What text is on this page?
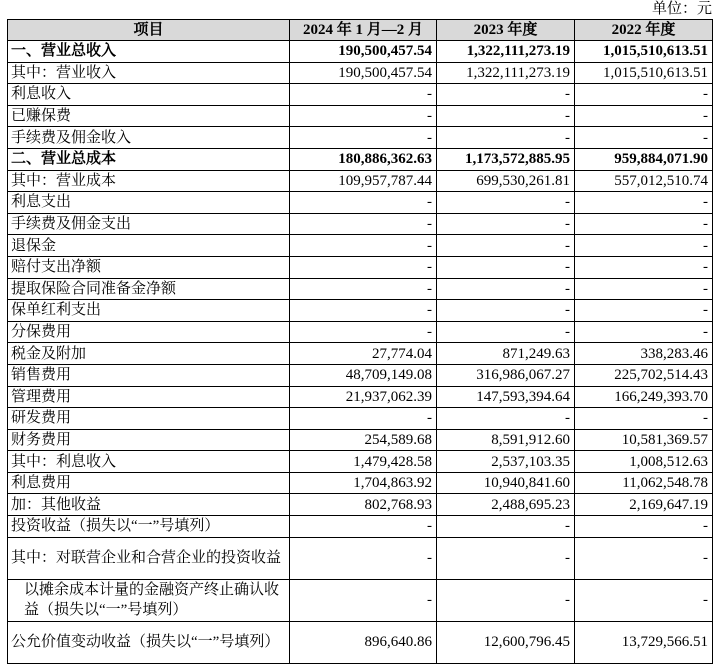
单位：元
项目	2024 年 1 月—2 月	2023 年度	2022 年度
一、营业总收入	190,500,457.54	1,322,111,273.19	1,015,510,613.51
其中：营业收入	190,500,457.54	1,322,111,273.19	1,015,510,613.51
利息收入	-	-	-
已赚保费	-	-	-
手续费及佣金收入	-	-	-
二、营业总成本	180,886,362.63	1,173,572,885.95	959,884,071.90
其中：营业成本	109,957,787.44	699,530,261.81	557,012,510.74
利息支出	-	-	-
手续费及佣金支出	-	-	-
退保金	-	-	-
赔付支出净额	-	-	-
提取保险合同准备金净额	-	-	-
保单红利支出	-	-	-
分保费用	-	-	-
税金及附加	27,774.04	871,249.63	338,283.46
销售费用	48,709,149.08	316,986,067.27	225,702,514.43
管理费用	21,937,062.39	147,593,394.64	166,249,393.70
研发费用	-	-	-
财务费用	254,589.68	8,591,912.60	10,581,369.57
其中：利息收入	1,479,428.58	2,537,103.35	1,008,512.63
利息费用	1,704,863.92	10,940,841.60	11,062,548.78
加：其他收益	802,768.93	2,488,695.23	2,169,647.19
投资收益（损失以“一”号填列）	-	-	-
其中：对联营企业和合营企业的投资收益	-	-	-
以摊余成本计量的金融资产终止确认收益（损失以“一”号填列）	-	-	-
公允价值变动收益（损失以“一”号填列）	896,640.86	12,600,796.45	13,729,566.51
